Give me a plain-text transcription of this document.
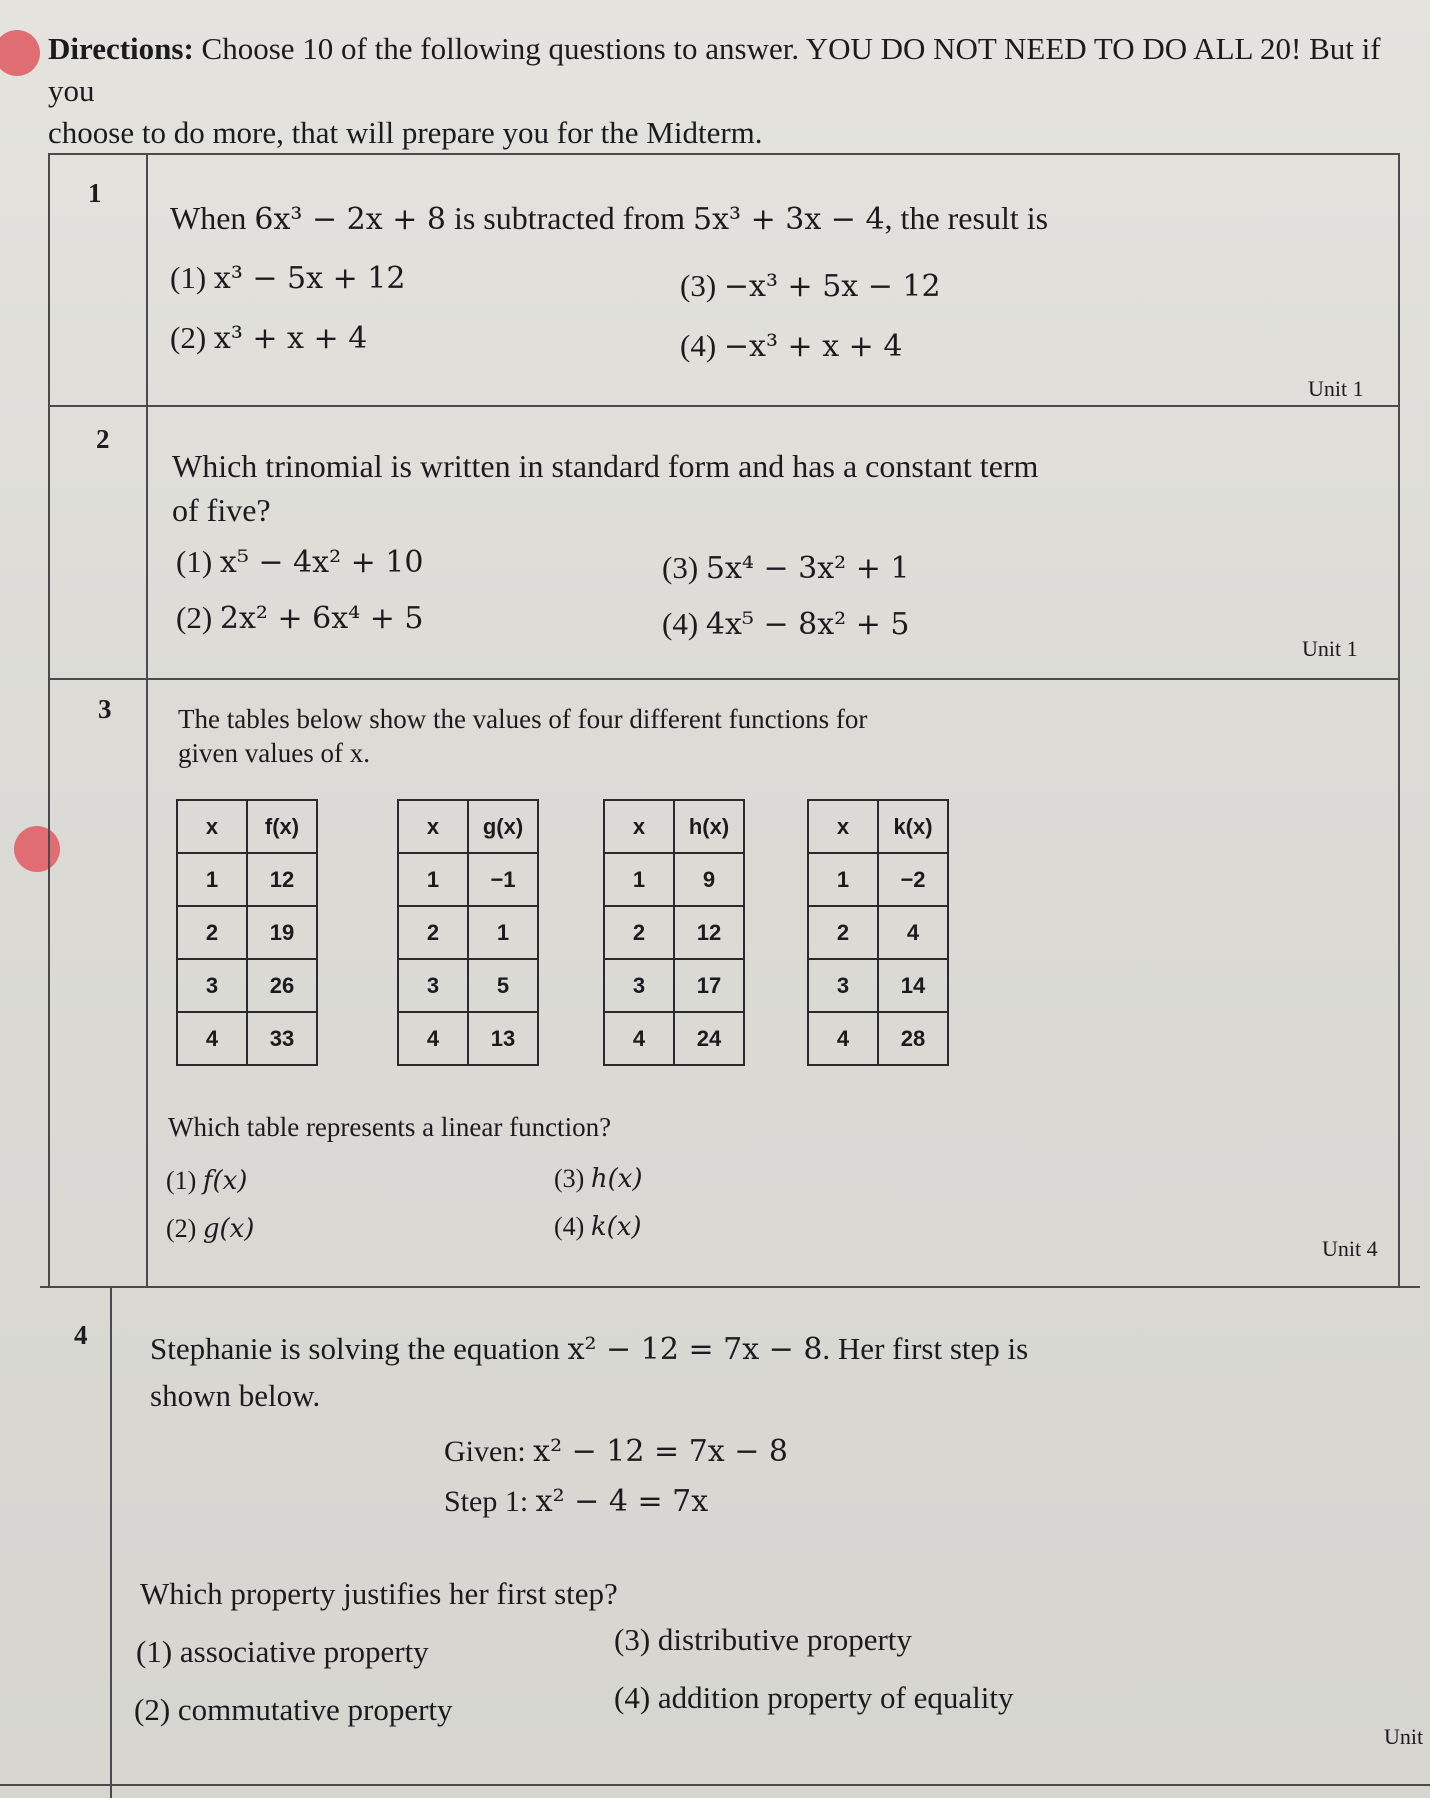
Directions: Choose 10 of the following questions to answer. YOU DO NOT NEED TO DO ALL 20! But if you
choose to do more, that will prepare you for the Midterm.
1
When 6x³ − 2x + 8 is subtracted from 5x³ + 3x − 4, the result is
(1) x³ − 5x + 12
(2) x³ + x + 4
(3) −x³ + 5x − 12
(4) −x³ + x + 4
Unit 1
2
Which trinomial is written in standard form and has a constant term
of five?
(1) x⁵ − 4x² + 10
(2) 2x² + 6x⁴ + 5
(3) 5x⁴ − 3x² + 1
(4) 4x⁵ − 8x² + 5
Unit 1
3 The tables below show the values of four different functions for
given values of x.
x	f(x)
1	12
2	19
3	26
4	33
x	g(x)
1	−1
2	1
3	5
4	13
x	h(x)
1	9
2	12
3	17
4	24
x	k(x)
1	−2
2	4
3	14
4	28
Which table represents a linear function?
(1) f(x)
(2) g(x)
(3) h(x)
(4) k(x)
Unit 4
4 Stephanie is solving the equation x² − 12 = 7x − 8. Her first step is
shown below.
Given: x² − 12 = 7x − 8
Step 1: x² − 4 = 7x
Which property justifies her first step?
(1) associative property
(2) commutative property
(3) distributive property
(4) addition property of equality
Unit
